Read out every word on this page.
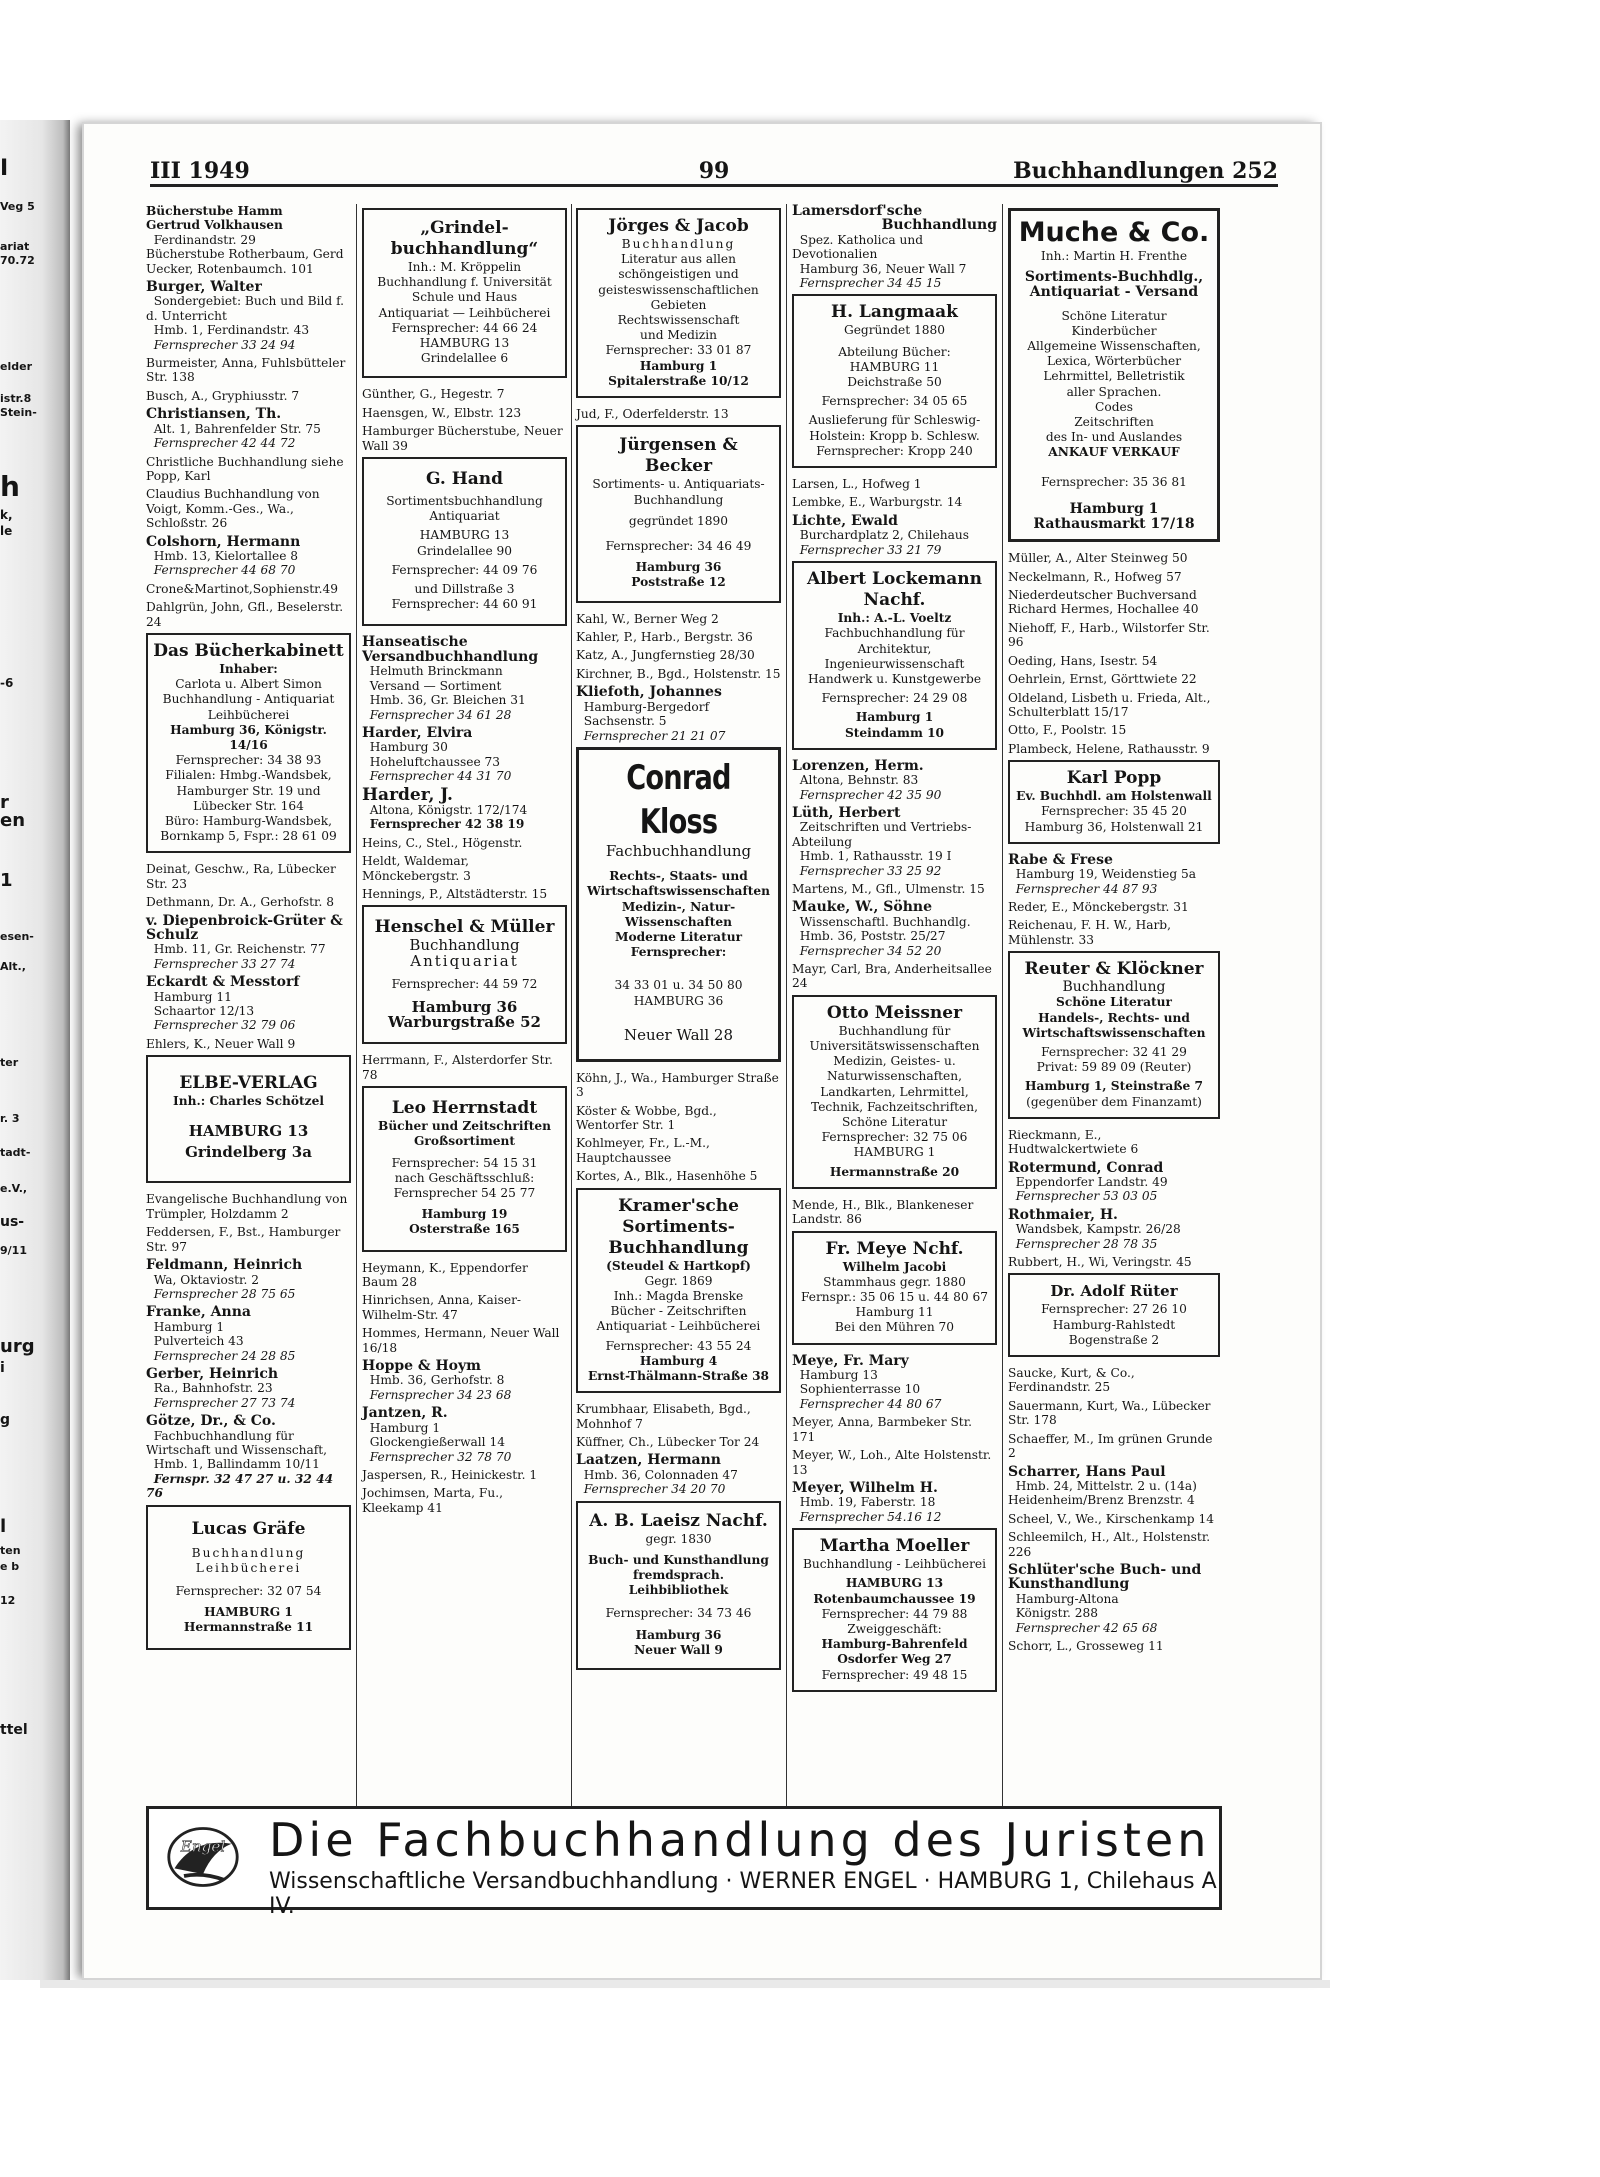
I
Veg 5
ariat
70.72
elder
istr.8
Stein-
h
k,
le
-6
r
en
1
esen-
Alt.,
ter
r. 3
tadt-
e.V.,
us-
9/11
urg
i
g
l
ten
e b
12
ttel
III 1949	99	Buchhandlungen 252
Bücherstube Hamm
Gertrud Volkhausen
Ferdinandstr. 29
Bücherstube Rotherbaum, Gerd Uecker, Rotenbaumch. 101
Burger, Walter
Sondergebiet: Buch und Bild f. d. Unterricht
Hmb. 1, Ferdinandstr. 43
Fernsprecher 33 24 94
Burmeister, Anna, Fuhlsbütteler Str. 138
Busch, A., Gryphiusstr. 7
Christiansen, Th.
Alt. 1, Bahrenfelder Str. 75
Fernsprecher 42 44 72
Christliche Buchhandlung siehe Popp, Karl
Claudius Buchhandlung von Voigt, Komm.-Ges., Wa., Schloßstr. 26
Colshorn, Hermann
Hmb. 13, Kielortallee 8
Fernsprecher 44 68 70
Crone&Martinot,Sophienstr.49
Dahlgrün, John, Gfl., Beselerstr. 24
Das Bücherkabinett
Inhaber:
Carlota u. Albert Simon
Buchhandlung - Antiquariat
Leihbücherei
Hamburg 36, Königstr. 14/16
Fernsprecher: 34 38 93
Filialen: Hmbg.-Wandsbek,
Hamburger Str. 19 und Lübecker Str. 164
Büro: Hamburg-Wandsbek,
Bornkamp 5, Fspr.: 28 61 09
Deinat, Geschw., Ra, Lübecker Str. 23
Dethmann, Dr. A., Gerhofstr. 8
v. Diepenbroick-Grüter & Schulz
Hmb. 11, Gr. Reichenstr. 77
Fernsprecher 33 27 74
Eckardt & Messtorf
Hamburg 11
Schaartor 12/13
Fernsprecher 32 79 06
Ehlers, K., Neuer Wall 9
ELBE-VERLAG
Inh.: Charles Schötzel
HAMBURG 13
Grindelberg 3a
Evangelische Buchhandlung von Trümpler, Holzdamm 2
Feddersen, F., Bst., Hamburger Str. 97
Feldmann, Heinrich
Wa, Oktaviostr. 2
Fernsprecher 28 75 65
Franke, Anna
Hamburg 1
Pulverteich 43
Fernsprecher 24 28 85
Gerber, Heinrich
Ra., Bahnhofstr. 23
Fernsprecher 27 73 74
Götze, Dr., & Co.
Fachbuchhandlung für Wirtschaft und Wissenschaft,
Hmb. 1, Ballindamm 10/11
Fernspr. 32 47 27 u. 32 44 76
Lucas Gräfe
Buchhandlung
Leihbücherei
Fernsprecher: 32 07 54
HAMBURG 1
Hermannstraße 11
„Grindel-
buchhandlung“
Inh.: M. Kröppelin
Buchhandlung f. Universität Schule und Haus
Antiquariat — Leihbücherei
Fernsprecher: 44 66 24
HAMBURG 13
Grindelallee 6
Günther, G., Hegestr. 7
Haensgen, W., Elbstr. 123
Hamburger Bücherstube, Neuer Wall 39
G. Hand
Sortimentsbuchhandlung
Antiquariat
HAMBURG 13
Grindelallee 90
Fernsprecher: 44 09 76
und Dillstraße 3
Fernsprecher: 44 60 91
Hanseatische Versandbuchhandlung
Helmuth Brinckmann
Versand — Sortiment
Hmb. 36, Gr. Bleichen 31
Fernsprecher 34 61 28
Harder, Elvira
Hamburg 30
Hoheluftchaussee 73
Fernsprecher 44 31 70
Harder, J.
Altona, Königstr. 172/174
Fernsprecher 42 38 19
Heins, C., Stel., Högenstr.
Heldt, Waldemar, Mönckebergstr. 3
Hennings, P., Altstädterstr. 15
Henschel & Müller
Buchhandlung
Antiquariat
Fernsprecher: 44 59 72
Hamburg 36
Warburgstraße 52
Herrmann, F., Alsterdorfer Str. 78
Leo Herrnstadt
Bücher und Zeitschriften
Großsortiment
Fernsprecher: 54 15 31
nach Geschäftsschluß:
Fernsprecher 54 25 77
Hamburg 19
Osterstraße 165
Heymann, K., Eppendorfer Baum 28
Hinrichsen, Anna, Kaiser-Wilhelm-Str. 47
Hommes, Hermann, Neuer Wall 16/18
Hoppe & Hoym
Hmb. 36, Gerhofstr. 8
Fernsprecher 34 23 68
Jantzen, R.
Hamburg 1
Glockengießerwall 14
Fernsprecher 32 78 70
Jaspersen, R., Heinickestr. 1
Jochimsen, Marta, Fu., Kleekamp 41
Jörges & Jacob
Buchhandlung
Literatur aus allen schöngeistigen und geisteswissenschaftlichen Gebieten
Rechtswissenschaft
und Medizin
Fernsprecher: 33 01 87
Hamburg 1
Spitalerstraße 10/12
Jud, F., Oderfelderstr. 13
Jürgensen & Becker
Sortiments- u. Antiquariats-Buchhandlung
gegründet 1890
Fernsprecher: 34 46 49
Hamburg 36
Poststraße 12
Kahl, W., Berner Weg 2
Kahler, P., Harb., Bergstr. 36
Katz, A., Jungfernstieg 28/30
Kirchner, B., Bgd., Holstenstr. 15
Kliefoth, Johannes
Hamburg-Bergedorf
Sachsenstr. 5
Fernsprecher 21 21 07
Conrad Kloss
Fachbuchhandlung
Rechts-, Staats- und Wirtschaftswissenschaften
Medizin-, Natur-Wissenschaften
Moderne Literatur
Fernsprecher:
34 33 01 u. 34 50 80
HAMBURG 36
Neuer Wall 28
Köhn, J., Wa., Hamburger Straße 3
Köster & Wobbe, Bgd., Wentorfer Str. 1
Kohlmeyer, Fr., L.-M., Hauptchaussee
Kortes, A., Blk., Hasenhöhe 5
Kramer'sche
Sortiments-
Buchhandlung
(Steudel & Hartkopf)
Gegr. 1869
Inh.: Magda Brenske
Bücher - Zeitschriften
Antiquariat - Leihbücherei
Fernsprecher: 43 55 24
Hamburg 4
Ernst-Thälmann-Straße 38
Krumbhaar, Elisabeth, Bgd., Mohnhof 7
Küffner, Ch., Lübecker Tor 24
Laatzen, Hermann
Hmb. 36, Colonnaden 47
Fernsprecher 34 20 70
A. B. Laeisz Nachf.
gegr. 1830
Buch- und Kunsthandlung
fremdsprach. Leihbibliothek
Fernsprecher: 34 73 46
Hamburg 36
Neuer Wall 9
Lamersdorf'sche

Buchhandlung
Spez. Katholica und Devotionalien
Hamburg 36, Neuer Wall 7
Fernsprecher 34 45 15
H. Langmaak
Gegründet 1880
Abteilung Bücher:
HAMBURG 11
Deichstraße 50
Fernsprecher: 34 05 65
Auslieferung für Schleswig-Holstein: Kropp b. Schlesw.
Fernsprecher: Kropp 240
Larsen, L., Hofweg 1
Lembke, E., Warburgstr. 14
Lichte, Ewald
Burchardplatz 2, Chilehaus
Fernsprecher 33 21 79
Albert Lockemann
Nachf.
Inh.: A.-L. Voeltz
Fachbuchhandlung für Architektur, Ingenieurwissenschaft
Handwerk u. Kunstgewerbe
Fernsprecher: 24 29 08
Hamburg 1
Steindamm 10
Lorenzen, Herm.
Altona, Behnstr. 83
Fernsprecher 42 35 90
Lüth, Herbert
Zeitschriften und Vertriebs-Abteilung
Hmb. 1, Rathausstr. 19 I
Fernsprecher 33 25 92
Martens, M., Gfl., Ulmenstr. 15
Mauke, W., Söhne
Wissenschaftl. Buchhandlg.
Hmb. 36, Poststr. 25/27
Fernsprecher 34 52 20
Mayr, Carl, Bra, Anderheitsallee 24
Otto Meissner
Buchhandlung für Universitätswissenschaften
Medizin, Geistes- u. Naturwissenschaften, Landkarten, Lehrmittel, Technik, Fachzeitschriften,
Schöne Literatur
Fernsprecher: 32 75 06
HAMBURG 1
Hermannstraße 20
Mende, H., Blk., Blankeneser Landstr. 86
Fr. Meye Nchf.
Wilhelm Jacobi
Stammhaus gegr. 1880
Fernspr.: 35 06 15 u. 44 80 67
Hamburg 11
Bei den Mühren 70
Meye, Fr. Mary
Hamburg 13
Sophienterrasse 10
Fernsprecher 44 80 67
Meyer, Anna, Barmbeker Str. 171
Meyer, W., Loh., Alte Holstenstr. 13
Meyer, Wilhelm H.
Hmb. 19, Faberstr. 18
Fernsprecher 54.16 12
Martha Moeller
Buchhandlung - Leihbücherei
HAMBURG 13
Rotenbaumchaussee 19
Fernsprecher: 44 79 88
Zweiggeschäft:
Hamburg-Bahrenfeld
Osdorfer Weg 27
Fernsprecher: 49 48 15
Muche & Co.
Inh.: Martin H. Frenthe
Sortiments-Buchhdlg.,
Antiquariat - Versand
Schöne Literatur
Kinderbücher
Allgemeine Wissenschaften,
Lexica, Wörterbücher
Lehrmittel, Belletristik
aller Sprachen.
Codes
Zeitschriften
des In- und Auslandes
ANKAUF VERKAUF
Fernsprecher: 35 36 81
Hamburg 1
Rathausmarkt 17/18
Müller, A., Alter Steinweg 50
Neckelmann, R., Hofweg 57
Niederdeutscher Buchversand Richard Hermes, Hochallee 40
Niehoff, F., Harb., Wilstorfer Str. 96
Oeding, Hans, Isestr. 54
Oehrlein, Ernst, Görttwiete 22
Oldeland, Lisbeth u. Frieda, Alt., Schulterblatt 15/17
Otto, F., Poolstr. 15
Plambeck, Helene, Rathausstr. 9
Karl Popp
Ev. Buchhdl. am Holstenwall
Fernsprecher: 35 45 20
Hamburg 36, Holstenwall 21
Rabe & Frese
Hamburg 19, Weidenstieg 5a
Fernsprecher 44 87 93
Reder, E., Mönckebergstr. 31
Reichenau, F. H. W., Harb, Mühlenstr. 33
Reuter & Klöckner
Buchhandlung
Schöne Literatur
Handels-, Rechts- und Wirtschaftswissenschaften
Fernsprecher: 32 41 29
Privat: 59 89 09 (Reuter)
Hamburg 1, Steinstraße 7
(gegenüber dem Finanzamt)
Rieckmann, E., Hudtwalckertwiete 6
Rotermund, Conrad
Eppendorfer Landstr. 49
Fernsprecher 53 03 05
Rothmaier, H.
Wandsbek, Kampstr. 26/28
Fernsprecher 28 78 35
Rubbert, H., Wi, Veringstr. 45
Dr. Adolf Rüter
Fernsprecher: 27 26 10
Hamburg-Rahlstedt
Bogenstraße 2
Saucke, Kurt, & Co., Ferdinandstr. 25
Sauermann, Kurt, Wa., Lübecker Str. 178
Schaeffer, M., Im grünen Grunde 2
Scharrer, Hans Paul
Hmb. 24, Mittelstr. 2 u. (14a) Heidenheim/Brenz Brenzstr. 4
Scheel, V., We., Kirschenkamp 14
Schleemilch, H., Alt., Holstenstr. 226
Schlüter'sche Buch- und Kunsthandlung
Hamburg-Altona
Königstr. 288
Fernsprecher 42 65 68
Schorr, L., Grosseweg 11
Engel Die Fachbuchhandlung des Juristen
Wissenschaftliche Versandbuchhandlung · WERNER ENGEL · HAMBURG 1, Chilehaus A IV.
